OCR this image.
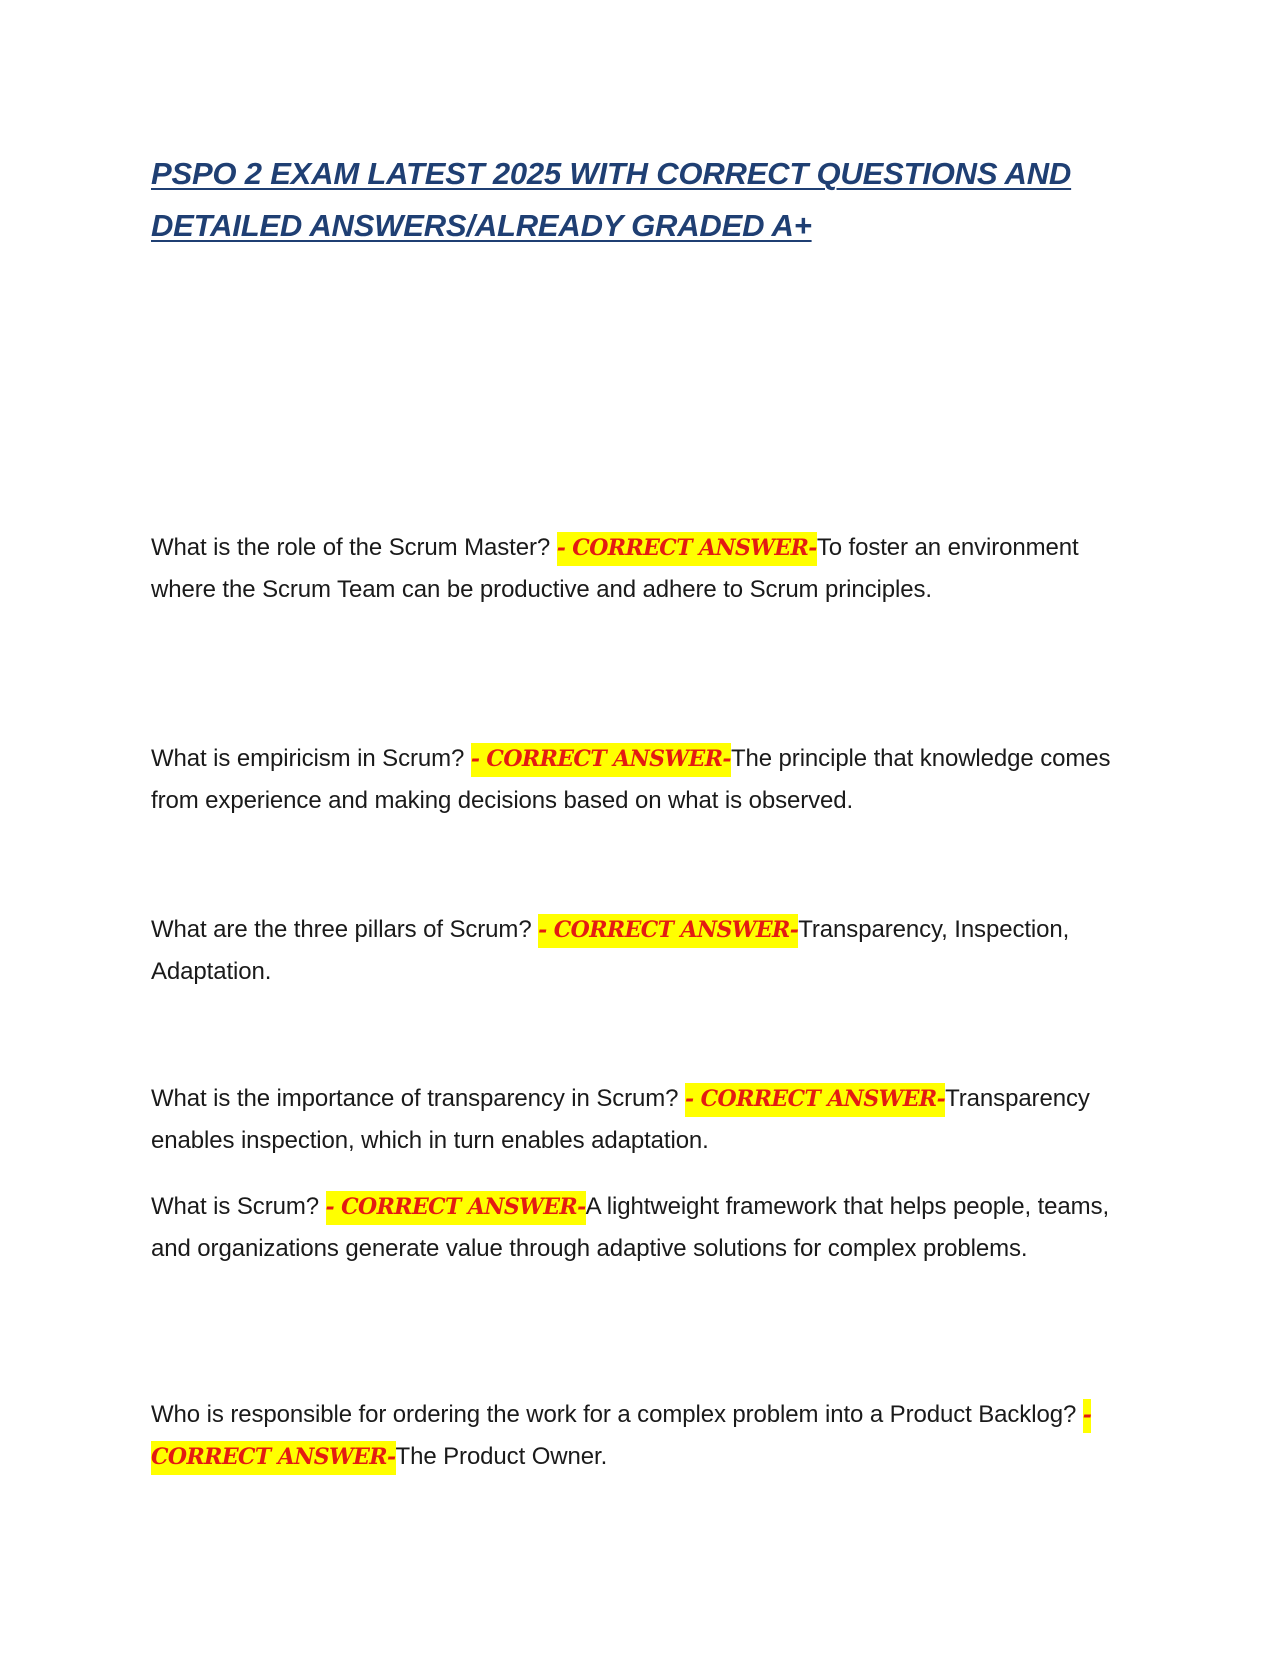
PSPO 2 EXAM LATEST 2025 WITH CORRECT QUESTIONS AND DETAILED ANSWERS/ALREADY GRADED A+

What is the role of the Scrum Master? - CORRECT ANSWER-To foster an environment where the Scrum Team can be productive and adhere to Scrum principles.

What is empiricism in Scrum? - CORRECT ANSWER-The principle that knowledge comes from experience and making decisions based on what is observed.

What are the three pillars of Scrum? - CORRECT ANSWER-Transparency, Inspection, Adaptation.

What is the importance of transparency in Scrum? - CORRECT ANSWER-Transparency enables inspection, which in turn enables adaptation.

What is Scrum? - CORRECT ANSWER-A lightweight framework that helps people, teams, and organizations generate value through adaptive solutions for complex problems.

Who is responsible for ordering the work for a complex problem into a Product Backlog? - CORRECT ANSWER-The Product Owner.
